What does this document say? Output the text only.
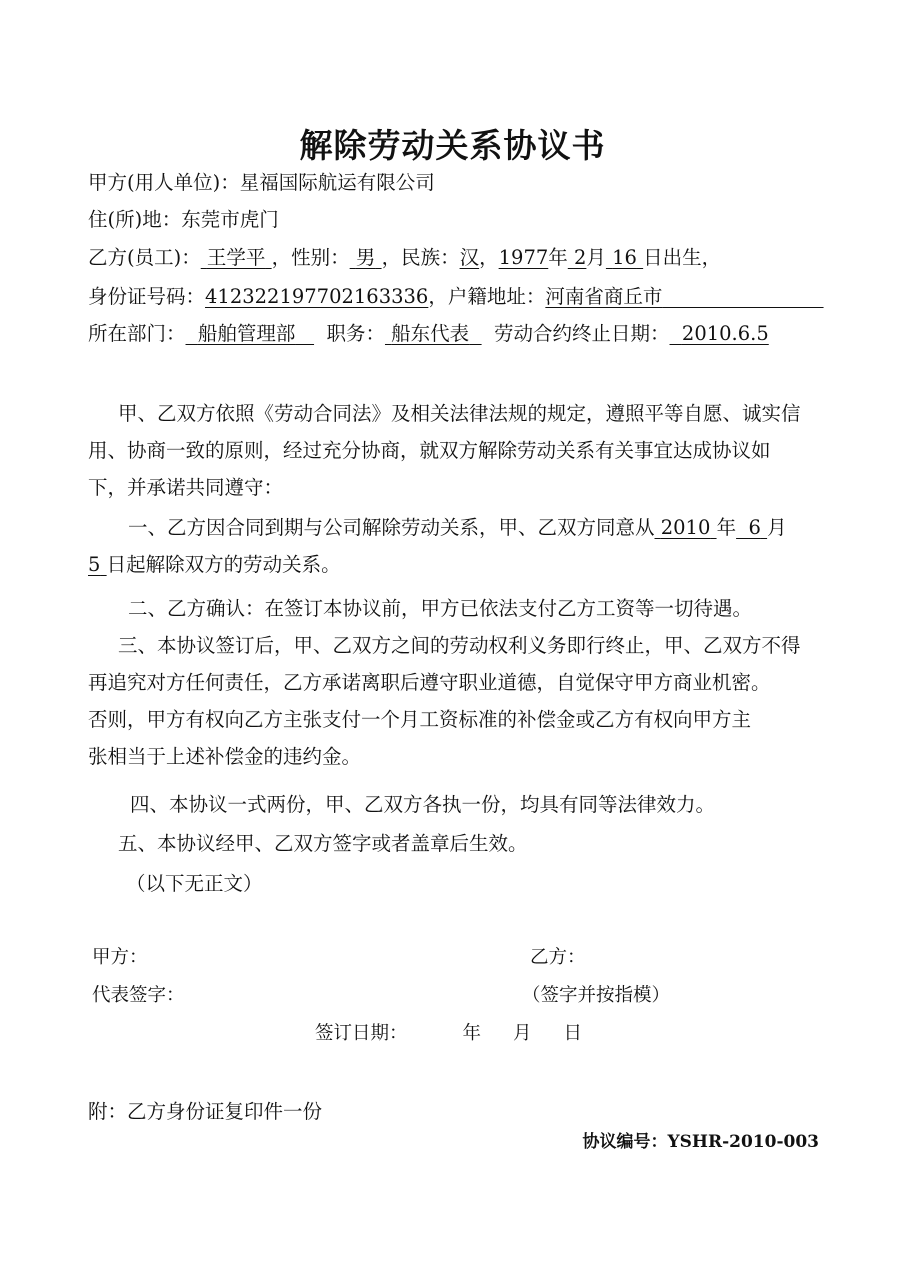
解除劳动关系协议书
甲方(用人单位)：星福国际航运有限公司
住(所)地：东莞市虎门
乙方(员工)： 王学平 ，性别： 男 ，民族：汉，1977年 2月 16 日出生，
身份证号码：412322197702163336，户籍地址：河南省商丘市
所在部门： 船舶管理部 职务： 船东代表 劳动合约终止日期： 2010.6.5
甲、乙双方依照《劳动合同法》及相关法律法规的规定，遵照平等自愿、诚实信
用、协商一致的原则，经过充分协商，就双方解除劳动关系有关事宜达成协议如
下，并承诺共同遵守：
一、乙方因合同到期与公司解除劳动关系，甲、乙双方同意从 2010 年 6 月
5 日起解除双方的劳动关系。
二、乙方确认：在签订本协议前，甲方已依法支付乙方工资等一切待遇。
三、本协议签订后，甲、乙双方之间的劳动权利义务即行终止，甲、乙双方不得
再追究对方任何责任，乙方承诺离职后遵守职业道德，自觉保守甲方商业机密。
否则，甲方有权向乙方主张支付一个月工资标准的补偿金或乙方有权向甲方主
张相当于上述补偿金的违约金。
四、本协议一式两份，甲、乙双方各执一份，均具有同等法律效力。
五、本协议经甲、乙双方签字或者盖章后生效。
（以下无正文）
甲方：	乙方：
代表签字：	（签字并按指模）
签订日期：	年 月 日
附：乙方身份证复印件一份
协议编号：YSHR-2010-003
